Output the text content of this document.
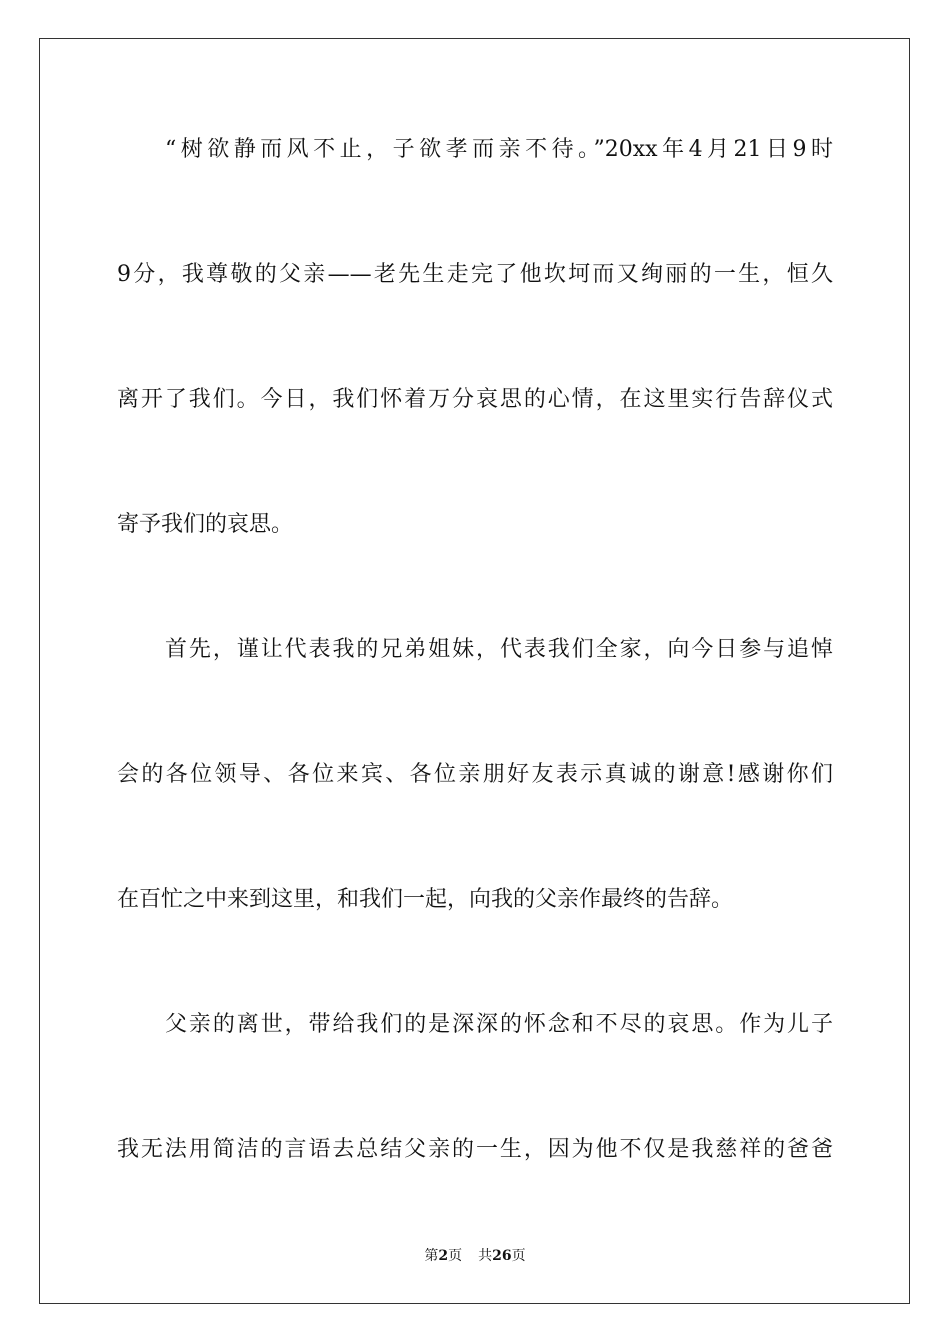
“树欲静而风不止，子欲孝而亲不待。”20xx年4月21日9时
9分，我尊敬的父亲——老先生走完了他坎坷而又绚丽的一生，恒久
离开了我们。今日，我们怀着万分哀思的心情，在这里实行告辞仪式
寄予我们的哀思。
首先，谨让代表我的兄弟姐妹，代表我们全家，向今日参与追悼
会的各位领导、各位来宾、各位亲朋好友表示真诚的谢意!感谢你们
在百忙之中来到这里，和我们一起，向我的父亲作最终的告辞。
父亲的离世，带给我们的是深深的怀念和不尽的哀思。作为儿子
我无法用简洁的言语去总结父亲的一生，因为他不仅是我慈祥的爸爸
第2页 共26页
